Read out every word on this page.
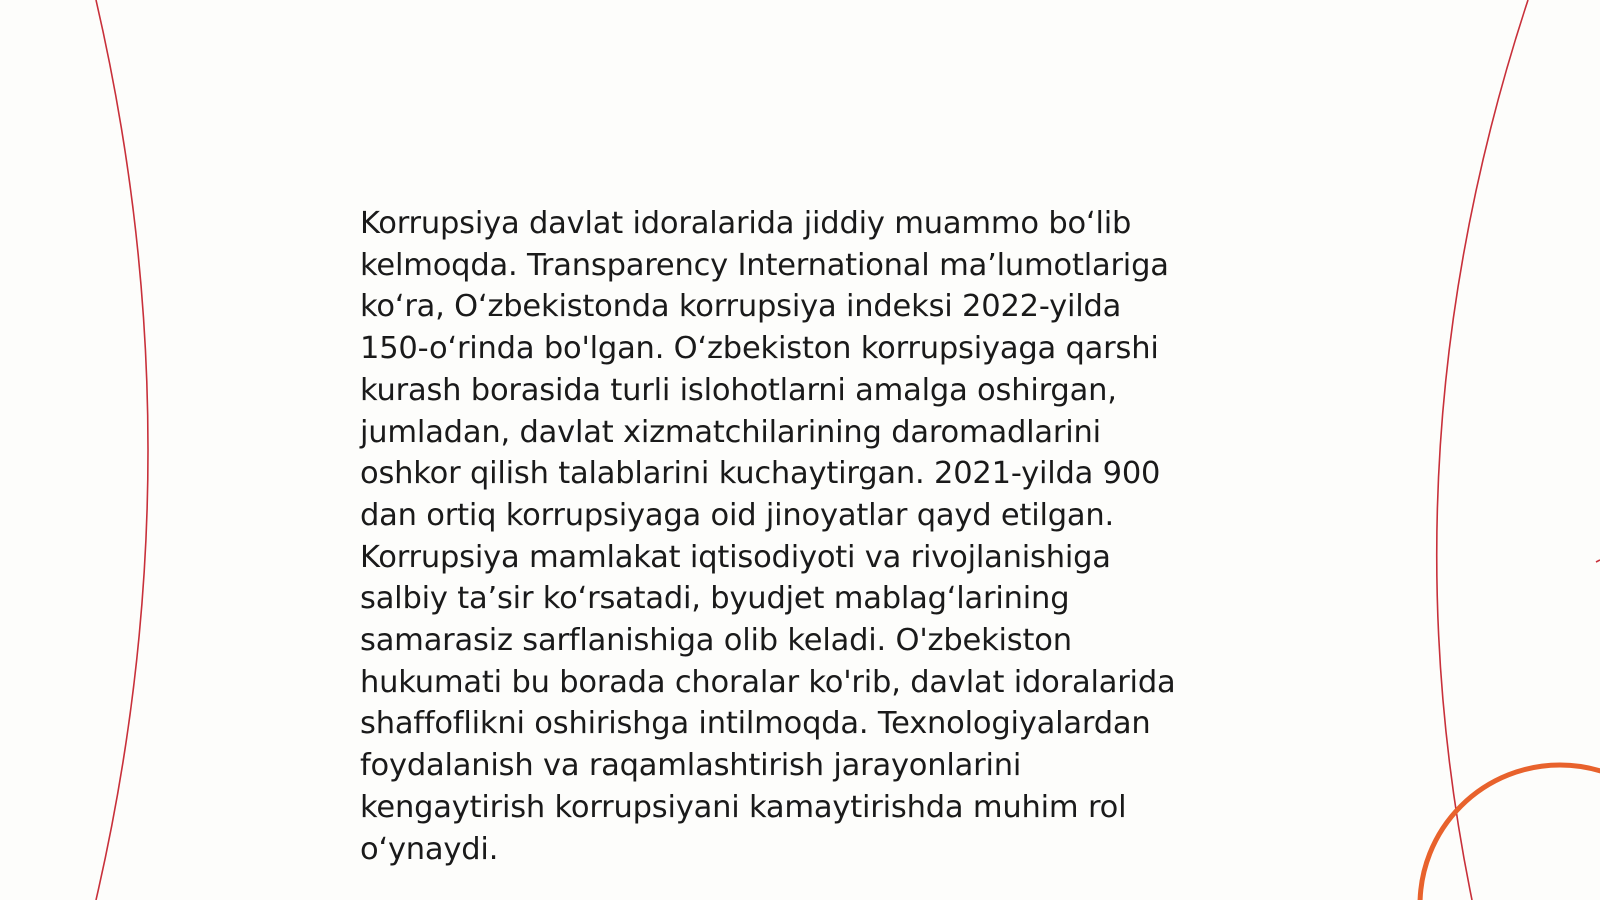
Korrupsiya davlat idoralarida jiddiy muammo boʻlib
kelmoqda. Transparency International maʼlumotlariga
koʻra, Oʻzbekistonda korrupsiya indeksi 2022-yilda
150-oʻrinda bo'lgan. Oʻzbekiston korrupsiyaga qarshi
kurash borasida turli islohotlarni amalga oshirgan,
jumladan, davlat xizmatchilarining daromadlarini
oshkor qilish talablarini kuchaytirgan. 2021-yilda 900
dan ortiq korrupsiyaga oid jinoyatlar qayd etilgan.
Korrupsiya mamlakat iqtisodiyoti va rivojlanishiga
salbiy taʼsir koʻrsatadi, byudjet mablagʻlarining
samarasiz sarflanishiga olib keladi. O'zbekiston
hukumati bu borada choralar ko'rib, davlat idoralarida
shaffoflikni oshirishga intilmoqda. Texnologiyalardan
foydalanish va raqamlashtirish jarayonlarini
kengaytirish korrupsiyani kamaytirishda muhim rol
oʻynaydi.
